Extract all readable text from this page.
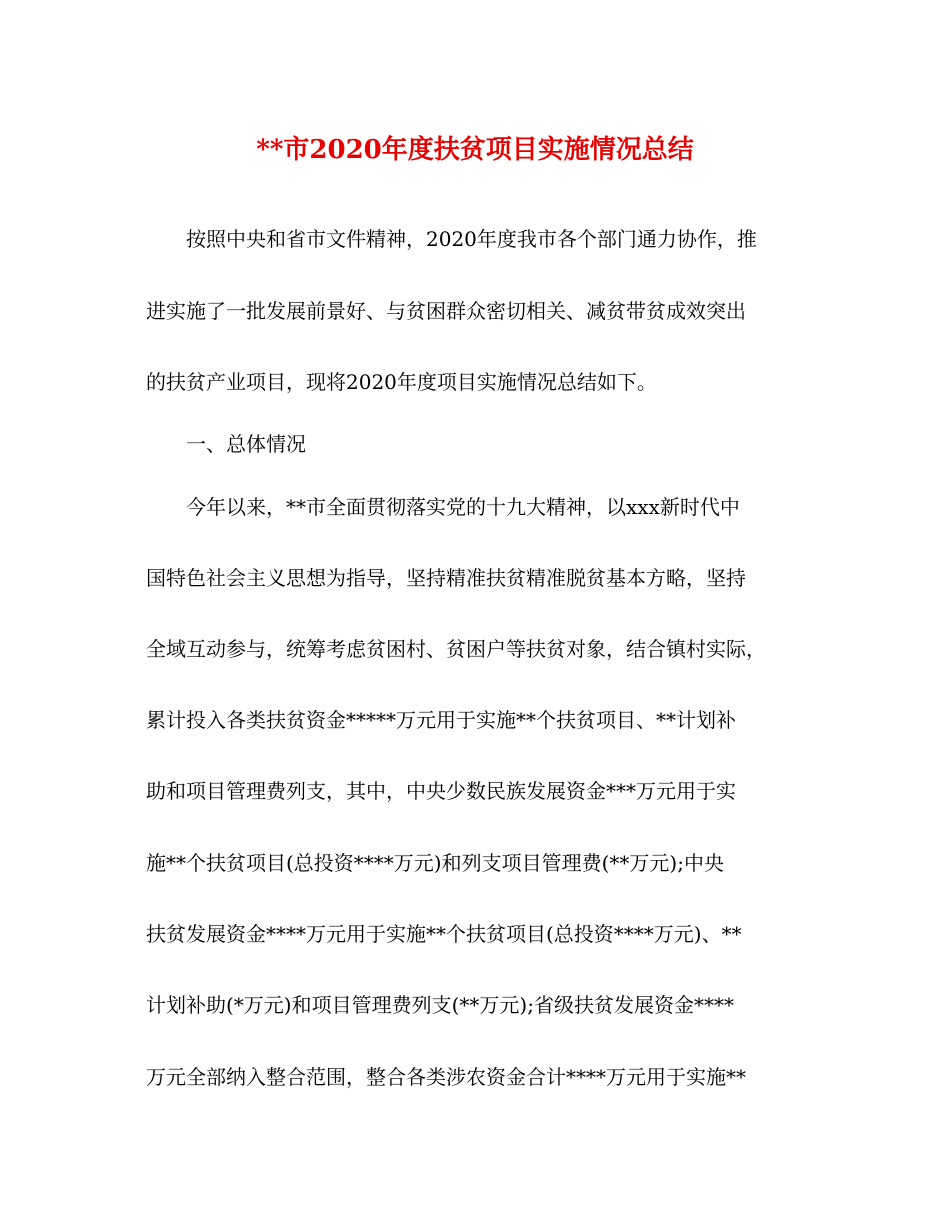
**市2020年度扶贫项目实施情况总结
按照中央和省市文件精神，2020年度我市各个部门通力协作，推
进实施了一批发展前景好、与贫困群众密切相关、减贫带贫成效突出
的扶贫产业项目，现将2020年度项目实施情况总结如下。
一、总体情况
今年以来，**市全面贯彻落实党的十九大精神，以xxx新时代中
国特色社会主义思想为指导，坚持精准扶贫精准脱贫基本方略，坚持
全域互动参与，统筹考虑贫困村、贫困户等扶贫对象，结合镇村实际，
累计投入各类扶贫资金*****万元用于实施**个扶贫项目、**计划补
助和项目管理费列支，其中，中央少数民族发展资金***万元用于实
施**个扶贫项目(总投资****万元)和列支项目管理费(**万元);中央
扶贫发展资金****万元用于实施**个扶贫项目(总投资****万元)、**
计划补助(*万元)和项目管理费列支(**万元);省级扶贫发展资金****
万元全部纳入整合范围，整合各类涉农资金合计****万元用于实施**
